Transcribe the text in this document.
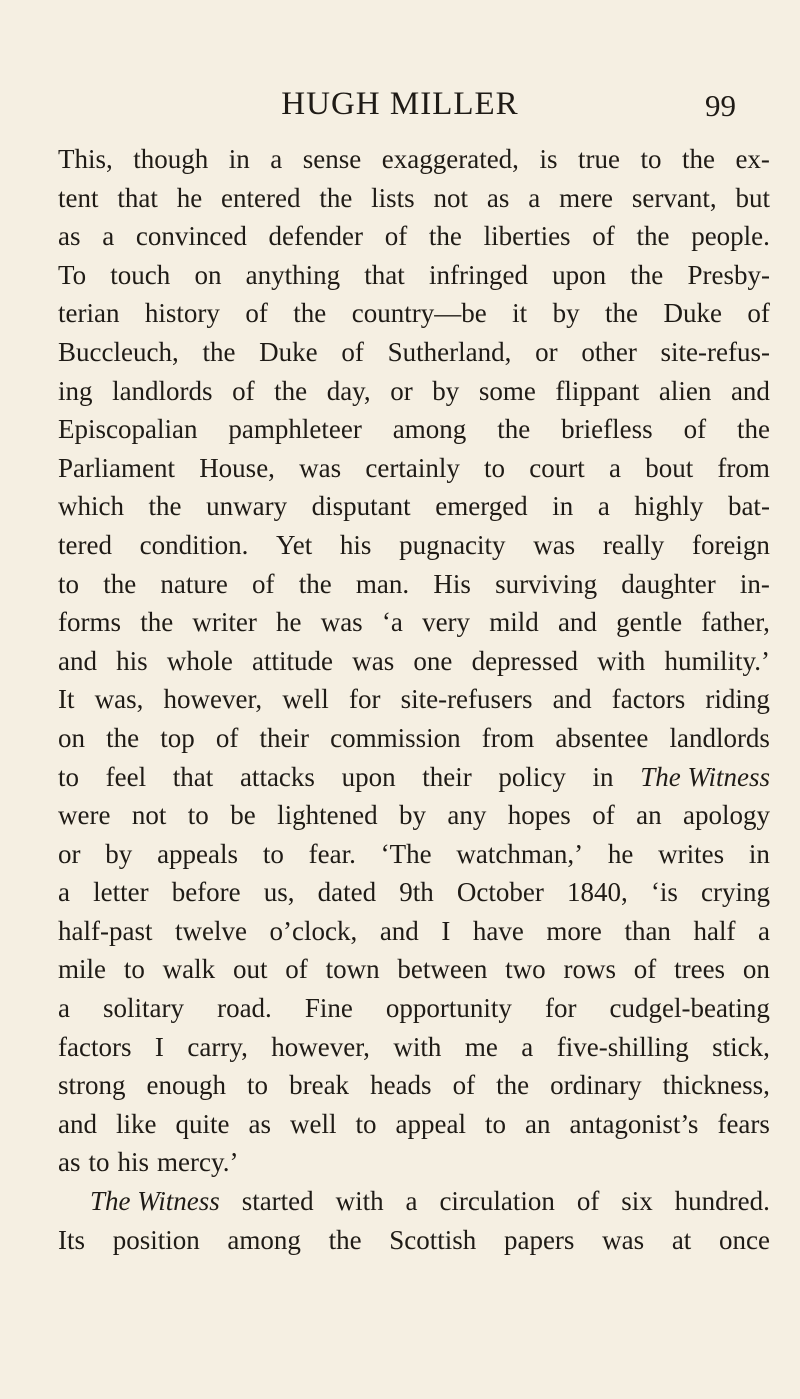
HUGH MILLER	99
This, though in a sense exaggerated, is true to the ex-
tent that he entered the lists not as a mere servant, but
as a convinced defender of the liberties of the people.
To touch on anything that infringed upon the Presby-
terian history of the country—be it by the Duke of
Buccleuch, the Duke of Sutherland, or other site-refus-
ing landlords of the day, or by some flippant alien and
Episcopalian pamphleteer among the briefless of the
Parliament House, was certainly to court a bout from
which the unwary disputant emerged in a highly bat-
tered condition. Yet his pugnacity was really foreign
to the nature of the man. His surviving daughter in-
forms the writer he was ‘a very mild and gentle father,
and his whole attitude was one depressed with humility.’
It was, however, well for site-refusers and factors riding
on the top of their commission from absentee landlords
to feel that attacks upon their policy in The Witness
were not to be lightened by any hopes of an apology
or by appeals to fear. ‘The watchman,’ he writes in
a letter before us, dated 9th October 1840, ‘is crying
half-past twelve o’clock, and I have more than half a
mile to walk out of town between two rows of trees on
a solitary road. Fine opportunity for cudgel-beating
factors I carry, however, with me a five-shilling stick,
strong enough to break heads of the ordinary thickness,
and like quite as well to appeal to an antagonist’s fears
as to his mercy.’
The Witness started with a circulation of six hundred.
Its position among the Scottish papers was at once
